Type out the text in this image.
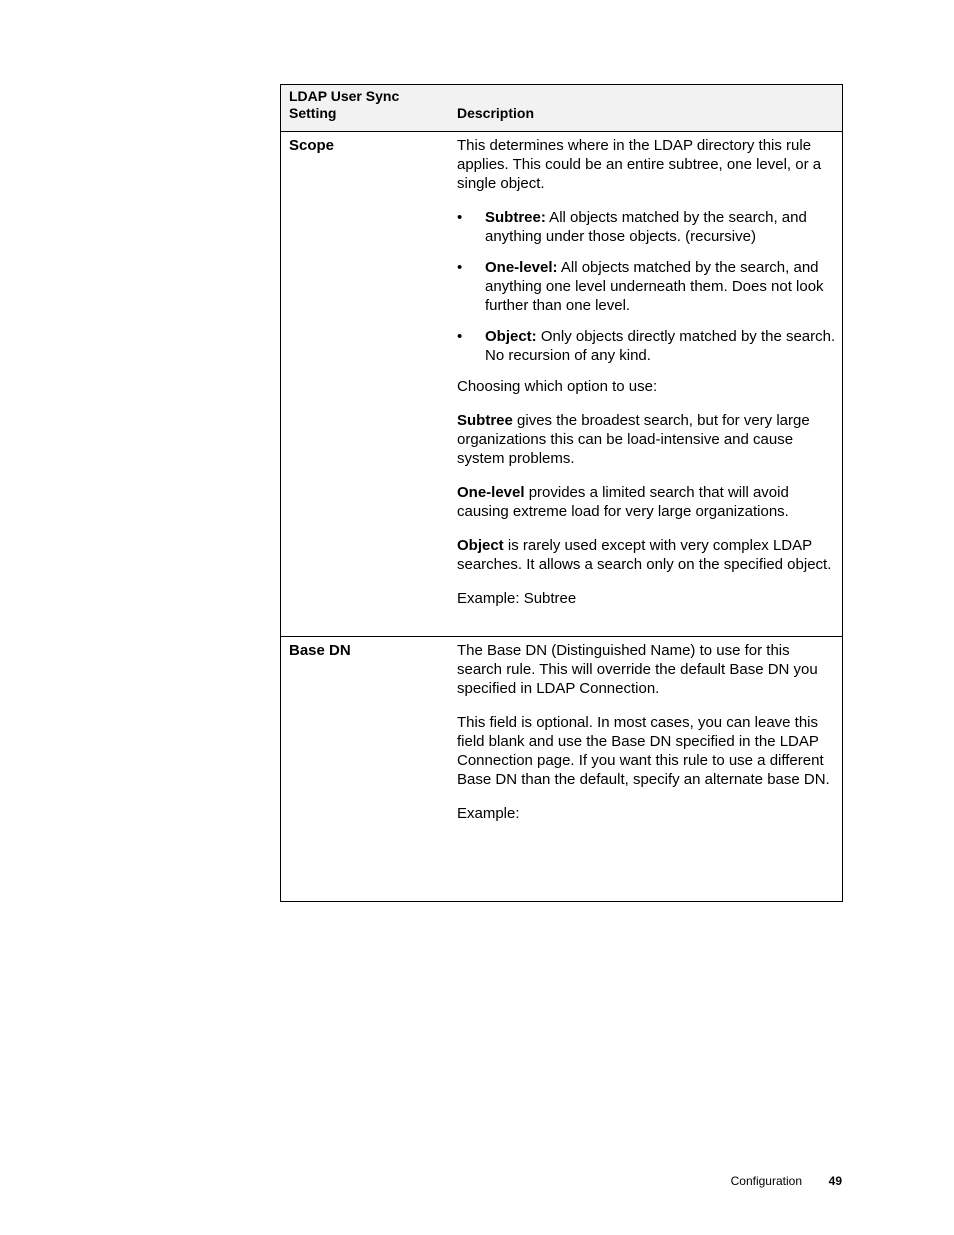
LDAP User Sync Setting	Description
Scope	This determines where in the LDAP directory this rule applies. This could be an entire subtree, one level, or a single object.

• Subtree: All objects matched by the search, and anything under those objects. (recursive)
• One-level: All objects matched by the search, and anything one level underneath them. Does not look further than one level.
• Object: Only objects directly matched by the search. No recursion of any kind.

Choosing which option to use:

Subtree gives the broadest search, but for very large organizations this can be load-intensive and cause system problems.

One-level provides a limited search that will avoid causing extreme load for very large organizations.

Object is rarely used except with very complex LDAP searches. It allows a search only on the specified object.

Example: Subtree

Base DN	The Base DN (Distinguished Name) to use for this search rule. This will override the default Base DN you specified in LDAP Connection.

This field is optional. In most cases, you can leave this field blank and use the Base DN specified in the LDAP Connection page. If you want this rule to use a different Base DN than the default, specify an alternate base DN.

Example:

Configuration 49
